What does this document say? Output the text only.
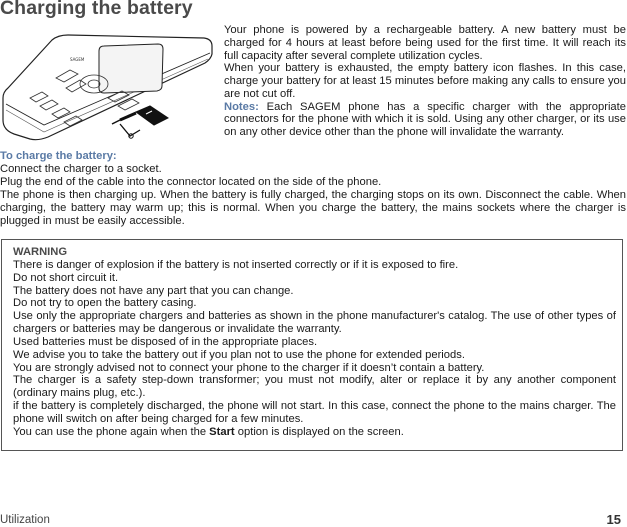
Charging the battery
SAGEM

Your phone is powered by a rechargeable battery. A new battery must be charged for 4 hours at least before being used for the first time. It will reach its full capacity after several complete utilization cycles.

When your battery is exhausted, the empty battery icon flashes. In this case, charge your battery for at least 15 minutes before making any calls to ensure you are not cut off.

Notes: Each SAGEM phone has a specific charger with the appropriate connectors for the phone with which it is sold. Using any other charger, or its use on any other device other than the phone will invalidate the warranty.

To charge the battery:

Connect the charger to a socket.

Plug the end of the cable into the connector located on the side of the phone.

The phone is then charging up. When the battery is fully charged, the charging stops on its own. Disconnect the cable. When charging, the battery may warm up; this is normal. When you charge the battery, the mains sockets where the charger is plugged in must be easily accessible.

WARNING

There is danger of explosion if the battery is not inserted correctly or if it is exposed to fire.

Do not short circuit it.

The battery does not have any part that you can change.

Do not try to open the battery casing.

Use only the appropriate chargers and batteries as shown in the phone manufacturer's catalog. The use of other types of chargers or batteries may be dangerous or invalidate the warranty.

Used batteries must be disposed of in the appropriate places.

We advise you to take the battery out if you plan not to use the phone for extended periods.

You are strongly advised not to connect your phone to the charger if it doesn’t contain a battery.

The charger is a safety step-down transformer; you must not modify, alter or replace it by any another component (ordinary mains plug, etc.).

if the battery is completely discharged, the phone will not start. In this case, connect the phone to the mains charger. The phone will switch on after being charged for a few minutes.

You can use the phone again when the Start option is displayed on the screen.

Utilization	15
